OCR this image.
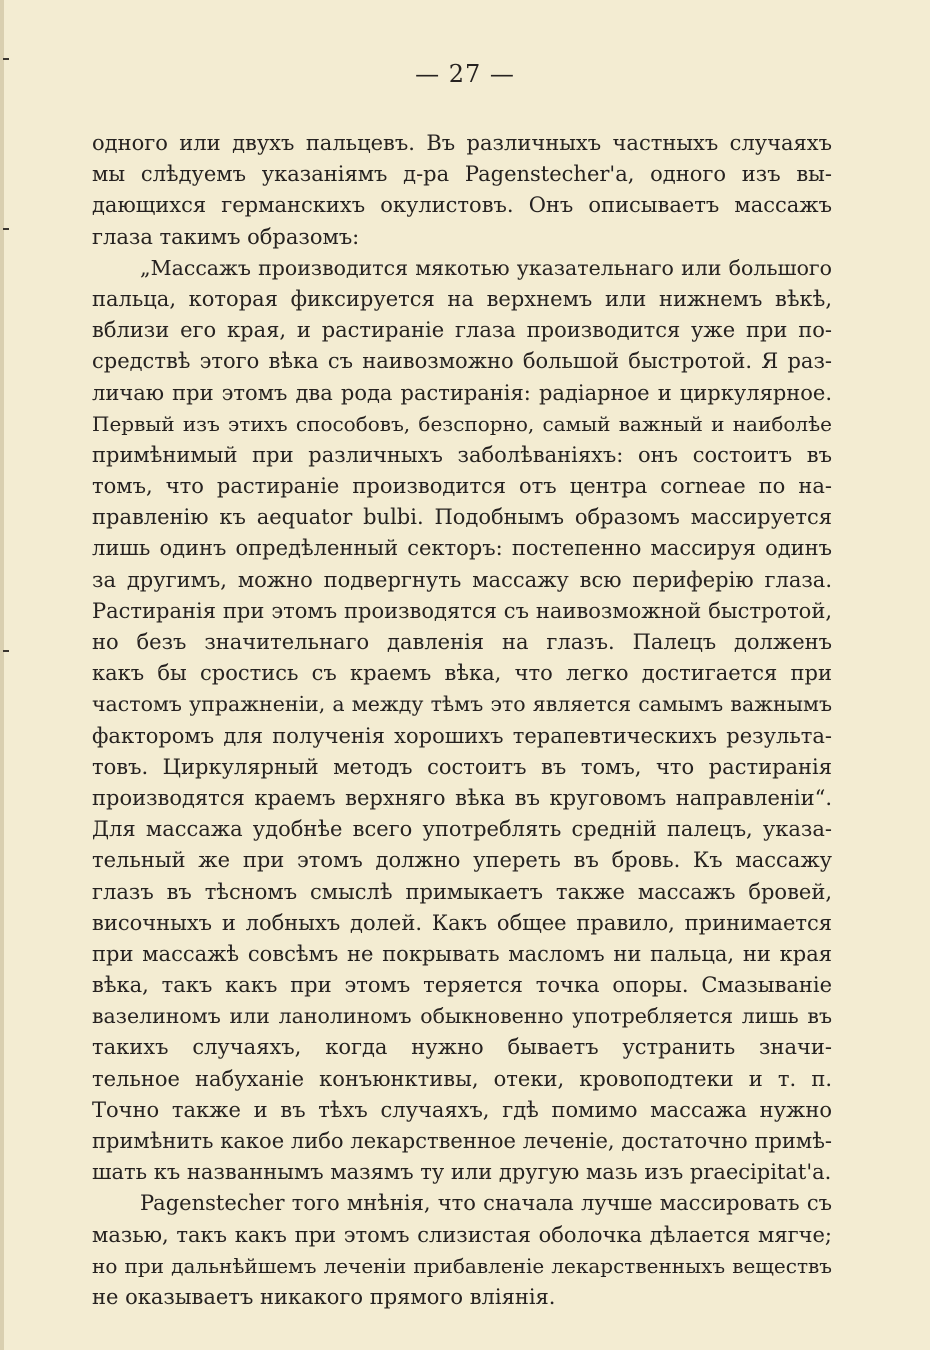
— 27 —
одного или двухъ пальцевъ. Въ различныхъ частныхъ случаяхъ
мы слѣдуемъ указаніямъ д-ра Pagenstecher'а, одного изъ вы-
дающихся германскихъ окулистовъ. Онъ описываетъ массажъ
глаза такимъ образомъ:
„Массажъ производится мякотью указательнаго или большого
пальца, которая фиксируется на верхнемъ или нижнемъ вѣкѣ,
вблизи его края, и растираніе глаза производится уже при по-
средствѣ этого вѣка съ наивозможно большой быстротой. Я раз-
личаю при этомъ два рода растиранія: радіарное и циркулярное.
Первый изъ этихъ способовъ, безспорно, самый важный и наиболѣе
примѣнимый при различныхъ заболѣваніяхъ: онъ состоитъ въ
томъ, что растираніе производится отъ центра corneae по на-
правленію къ aequator bulbi. Подобнымъ образомъ массируется
лишь одинъ опредѣленный секторъ: постепенно массируя одинъ
за другимъ, можно подвергнуть массажу всю периферію глаза.
Растиранія при этомъ производятся съ наивозможной быстротой,
но безъ значительнаго давленія на глазъ. Палецъ долженъ
какъ бы сростись съ краемъ вѣка, что легко достигается при
частомъ упражненіи, а между тѣмъ это является самымъ важнымъ
факторомъ для полученія хорошихъ терапевтическихъ результа-
товъ. Циркулярный методъ состоитъ въ томъ, что растиранія
производятся краемъ верхняго вѣка въ круговомъ направленіи“.
Для массажа удобнѣе всего употреблять средній палецъ, указа-
тельный же при этомъ должно упереть въ бровь. Къ массажу
глазъ въ тѣсномъ смыслѣ примыкаетъ также массажъ бровей,
височныхъ и лобныхъ долей. Какъ общее правило, принимается
при массажѣ совсѣмъ не покрывать масломъ ни пальца, ни края
вѣка, такъ какъ при этомъ теряется точка опоры. Смазываніе
вазелиномъ или ланолиномъ обыкновенно употребляется лишь въ
такихъ случаяхъ, когда нужно бываетъ устранить значи-
тельное набуханіе конъюнктивы, отеки, кровоподтеки и т. п.
Точно также и въ тѣхъ случаяхъ, гдѣ помимо массажа нужно
примѣнить какое либо лекарственное леченіе, достаточно примѣ-
шать къ названнымъ мазямъ ту или другую мазь изъ praecipitat'а.
Pagenstecher того мнѣнія, что сначала лучше массировать съ
мазью, такъ какъ при этомъ слизистая оболочка дѣлается мягче;
но при дальнѣйшемъ леченіи прибавленіе лекарственныхъ веществъ
не оказываетъ никакого прямого вліянія.
